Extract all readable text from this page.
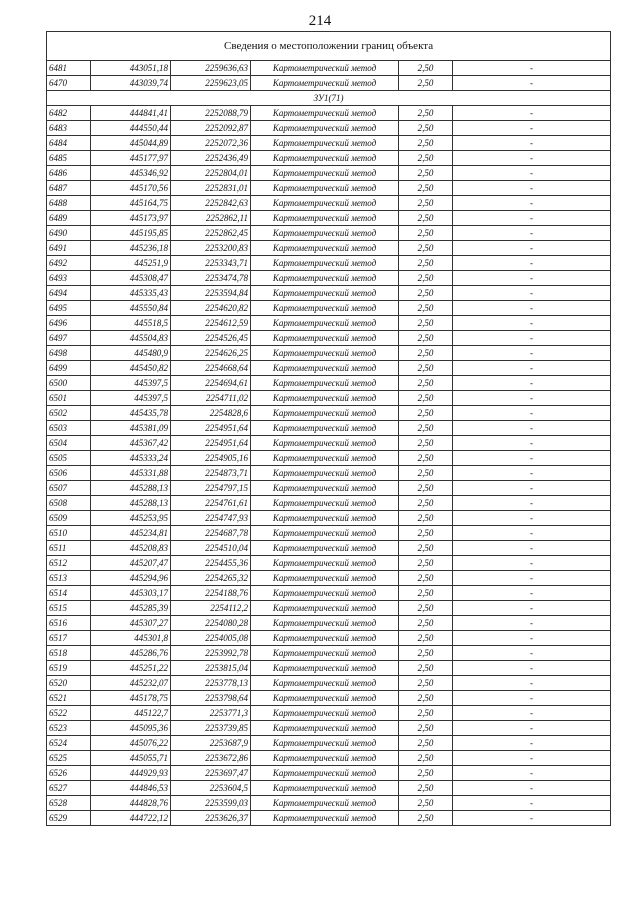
214
Сведения о местоположении границ объекта					
6481	443051,18	2259636,63	Картометрический метод	2,50	-
6470	443039,74	2259623,05	Картометрический метод	2,50	-
ЗУ1(71)					
6482	444841,41	2252088,79	Картометрический метод	2,50	-
6483	444550,44	2252092,87	Картометрический метод	2,50	-
6484	445044,89	2252072,36	Картометрический метод	2,50	-
6485	445177,97	2252436,49	Картометрический метод	2,50	-
6486	445346,92	2252804,01	Картометрический метод	2,50	-
6487	445170,56	2252831,01	Картометрический метод	2,50	-
6488	445164,75	2252842,63	Картометрический метод	2,50	-
6489	445173,97	2252862,11	Картометрический метод	2,50	-
6490	445195,85	2252862,45	Картометрический метод	2,50	-
6491	445236,18	2253200,83	Картометрический метод	2,50	-
6492	445251,9	2253343,71	Картометрический метод	2,50	-
6493	445308,47	2253474,78	Картометрический метод	2,50	-
6494	445335,43	2253594,84	Картометрический метод	2,50	-
6495	445550,84	2254620,82	Картометрический метод	2,50	-
6496	445518,5	2254612,59	Картометрический метод	2,50	-
6497	445504,83	2254526,45	Картометрический метод	2,50	-
6498	445480,9	2254626,25	Картометрический метод	2,50	-
6499	445450,82	2254668,64	Картометрический метод	2,50	-
6500	445397,5	2254694,61	Картометрический метод	2,50	-
6501	445397,5	2254711,02	Картометрический метод	2,50	-
6502	445435,78	2254828,6	Картометрический метод	2,50	-
6503	445381,09	2254951,64	Картометрический метод	2,50	-
6504	445367,42	2254951,64	Картометрический метод	2,50	-
6505	445333,24	2254905,16	Картометрический метод	2,50	-
6506	445331,88	2254873,71	Картометрический метод	2,50	-
6507	445288,13	2254797,15	Картометрический метод	2,50	-
6508	445288,13	2254761,61	Картометрический метод	2,50	-
6509	445253,95	2254747,93	Картометрический метод	2,50	-
6510	445234,81	2254687,78	Картометрический метод	2,50	-
6511	445208,83	2254510,04	Картометрический метод	2,50	-
6512	445207,47	2254455,36	Картометрический метод	2,50	-
6513	445294,96	2254265,32	Картометрический метод	2,50	-
6514	445303,17	2254188,76	Картометрический метод	2,50	-
6515	445285,39	2254112,2	Картометрический метод	2,50	-
6516	445307,27	2254080,28	Картометрический метод	2,50	-
6517	445301,8	2254005,08	Картометрический метод	2,50	-
6518	445286,76	2253992,78	Картометрический метод	2,50	-
6519	445251,22	2253815,04	Картометрический метод	2,50	-
6520	445232,07	2253778,13	Картометрический метод	2,50	-
6521	445178,75	2253798,64	Картометрический метод	2,50	-
6522	445122,7	2253771,3	Картометрический метод	2,50	-
6523	445095,36	2253739,85	Картометрический метод	2,50	-
6524	445076,22	2253687,9	Картометрический метод	2,50	-
6525	445055,71	2253672,86	Картометрический метод	2,50	-
6526	444929,93	2253697,47	Картометрический метод	2,50	-
6527	444846,53	2253604,5	Картометрический метод	2,50	-
6528	444828,76	2253599,03	Картометрический метод	2,50	-
6529	444722,12	2253626,37	Картометрический метод	2,50	-
